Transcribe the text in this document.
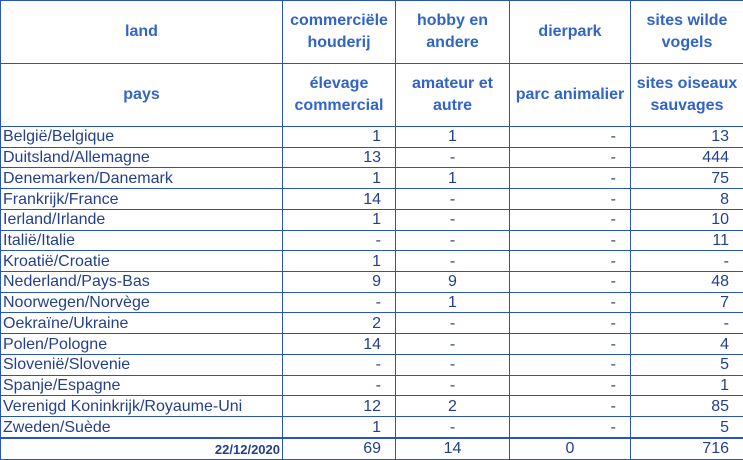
land	commerciële houderij	hobby en andere	dierpark	sites wilde vogels
pays	élevage commercial	amateur et autre	parc animalier	sites oiseaux sauvages
België/Belgique	1	1	-	13
Duitsland/Allemagne	13	-	-	444
Denemarken/Danemark	1	1	-	75
Frankrijk/France	14	-	-	8
Ierland/Irlande	1	-	-	10
Italië/Italie	-	-	-	11
Kroatië/Croatie	1	-	-	-
Nederland/Pays-Bas	9	9	-	48
Noorwegen/Norvège	-	1	-	7
Oekraïne/Ukraine	2	-	-	-
Polen/Pologne	14	-	-	4
Slovenië/Slovenie	-	-	-	5
Spanje/Espagne	-	-	-	1
Verenigd Koninkrijk/Royaume-Uni	12	2	-	85
Zweden/Suède	1	-	-	5
22/12/2020	69	14	0	716
